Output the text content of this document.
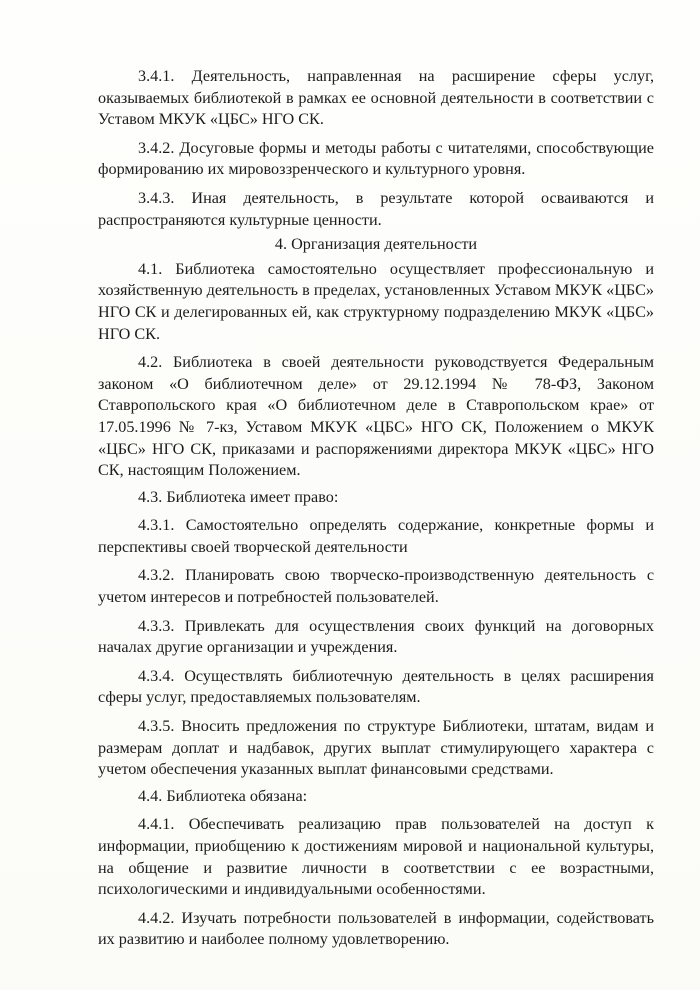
3.4.1. Деятельность, направленная на расширение сферы услуг, оказываемых библиотекой в рамках ее основной деятельности в соответствии с Уставом МКУК «ЦБС» НГО СК.

3.4.2. Досуговые формы и методы работы с читателями, способствующие формированию их мировоззренческого и культурного уровня.

3.4.3. Иная деятельность, в результате которой осваиваются и распространяются культурные ценности.

4. Организация деятельности

4.1. Библиотека самостоятельно осуществляет профессиональную и хозяйственную деятельность в пределах, установленных Уставом МКУК «ЦБС» НГО СК и делегированных ей, как структурному подразделению МКУК «ЦБС» НГО СК.

4.2. Библиотека в своей деятельности руководствуется Федеральным законом «О библиотечном деле» от 29.12.1994 № 78-ФЗ, Законом Ставропольского края «О библиотечном деле в Ставропольском крае» от 17.05.1996 № 7-кз, Уставом МКУК «ЦБС» НГО СК, Положением о МКУК «ЦБС» НГО СК, приказами и распоряжениями директора МКУК «ЦБС» НГО СК, настоящим Положением.

4.3. Библиотека имеет право:

4.3.1. Самостоятельно определять содержание, конкретные формы и перспективы своей творческой деятельности

4.3.2. Планировать свою творческо-производственную деятельность с учетом интересов и потребностей пользователей.

4.3.3. Привлекать для осуществления своих функций на договорных началах другие организации и учреждения.

4.3.4. Осуществлять библиотечную деятельность в целях расширения сферы услуг, предоставляемых пользователям.

4.3.5. Вносить предложения по структуре Библиотеки, штатам, видам и размерам доплат и надбавок, других выплат стимулирующего характера с учетом обеспечения указанных выплат финансовыми средствами.

4.4. Библиотека обязана:

4.4.1. Обеспечивать реализацию прав пользователей на доступ к информации, приобщению к достижениям мировой и национальной культуры, на общение и развитие личности в соответствии с ее возрастными, психологическими и индивидуальными особенностями.

4.4.2. Изучать потребности пользователей в информации, содействовать их развитию и наиболее полному удовлетворению.
